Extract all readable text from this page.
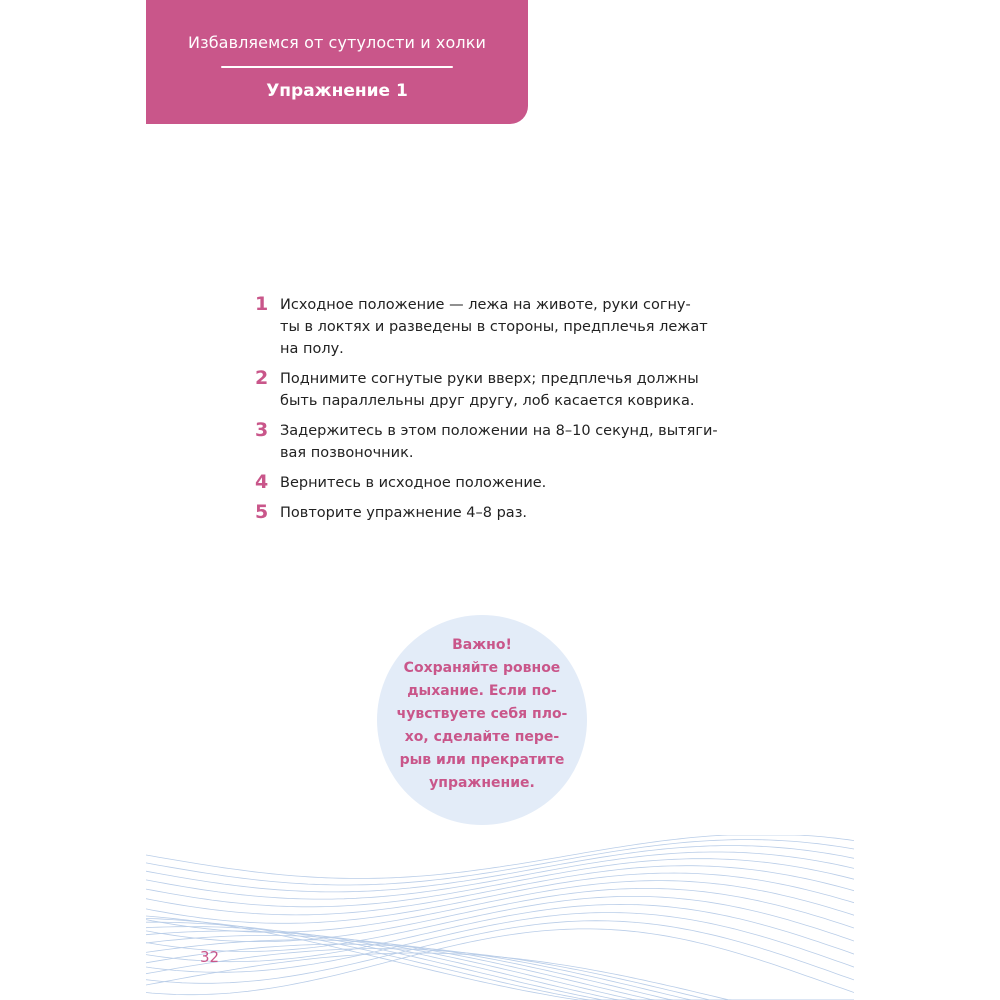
Избавляемся от сутулости и холки
Упражнение 1
1 Исходное положение — лежа на животе, руки согну-
ты в локтях и разведены в стороны, предплечья лежат
на полу.
2 Поднимите согнутые руки вверх; предплечья должны
быть параллельны друг другу, лоб касается коврика.
3 Задержитесь в этом положении на 8–10 секунд, вытяги-
вая позвоночник.
4 Вернитесь в исходное положение.
5 Повторите упражнение 4–8 раз.

Важно!
Сохраняйте ровное
дыхание. Если по-
чувствуете себя пло-
хо, сделайте пере-
рыв или прекратите
упражнение.

32
